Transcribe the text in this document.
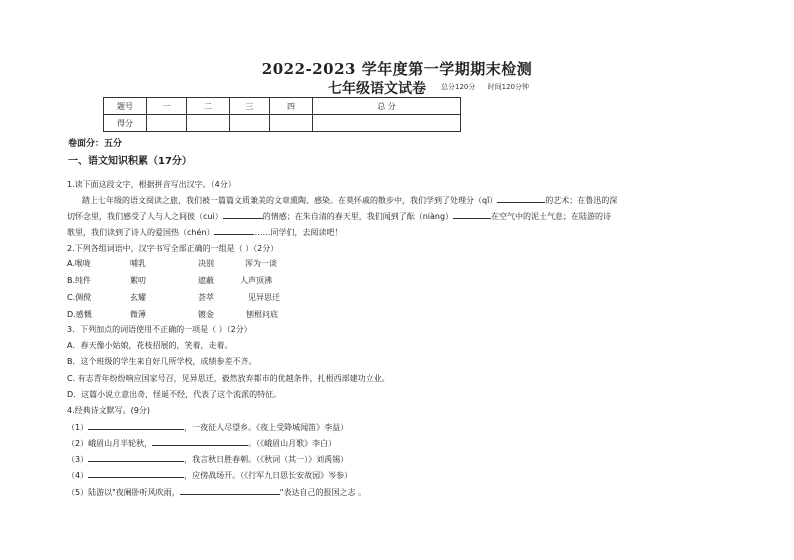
2022-2023 学年度第一学期期末检测
七年级语文试卷 总分120分 时间120分钟
题号	一	二	三	四	总 分
得分					
卷面分：五分
一、语文知识积累（17分）
1.读下面这段文字，根据拼音写出汉字。（4分）
踏上七年级的语文阅读之旅，我们被一篇篇文质兼美的文章熏陶、感染。在莫怀戚的散步中，我们学到了处理分（qǐ）	的艺术；在鲁迅的深
切怀念里，我们感受了人与人之间彼（cuì）	的情感；在朱自清的春天里，我们闻到了酝（niàng）	在空气中的泥土气息；在陆游的诗
歌里，我们读到了诗人的爱国热（chén）	……同学们，去阅读吧！
2.下列各组词语中，汉字书写全部正确的一组是（ ）（2分）
A.喉咙	哺乳	决别	浑为一谈
B.纯件	絮叨	遮蔽	人声顶沸
C.倜傥	玄耀	荟萃	见异思迁
D.感慨	微薄	镀金	刨根问底
3．下列加点的词语使用不正确的一项是（ ）（2分）
A．春天像小姑娘，花枝招展的，笑着，走着。
B．这个班级的学生来自好几所学校，成绩参差不齐。
C. 有志青年纷纷响应国家号召，见异思迁，毅然放弃都市的优越条件，扎根西部建功立业。
D．这篇小说立意出奇，怪诞不经，代表了这个流派的特征。
4.经典诗文默写。(9分)
（1）	，一夜征人尽望乡。《夜上受降城闻笛》李益）
（2）峨眉山月半轮秋，	。（《峨眉山月歌》李白）
（3）	，我言秋日胜春朝。（《秋词（其一）》刘禹锡）
（4）	，应傍战场开。（《行军九日思长安故园》岑参）
（5）陆游以"夜阑卧听风吹雨，	"表达自己的报国之志 。
